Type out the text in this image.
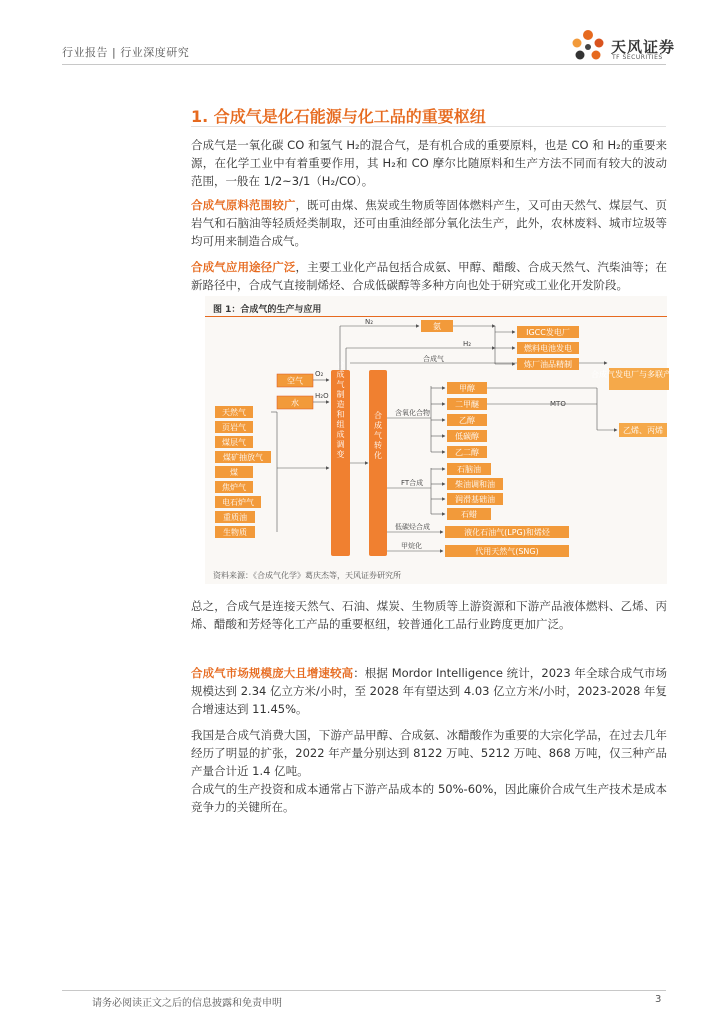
行业报告 | 行业深度研究	天风证券
TF SECURITIES
1. 合成气是化石能源与化工品的重要枢纽
合成气是一氧化碳 CO 和氢气 H₂的混合气，是有机合成的重要原料，也是 CO 和 H₂的重要来源，在化学工业中有着重要作用，其 H₂和 CO 摩尔比随原料和生产方法不同而有较大的波动范围，一般在 1/2~3/1（H₂/CO）。
合成气原料范围较广，既可由煤、焦炭或生物质等固体燃料产生，又可由天然气、煤层气、页岩气和石脑油等轻质烃类制取，还可由重油经部分氧化法生产，此外，农林废料、城市垃圾等均可用来制造合成气。
合成气应用途径广泛，主要工业化产品包括合成氨、甲醇、醋酸、合成天然气、汽柴油等；在新路径中，合成气直接制烯烃、合成低碳醇等多种方向也处于研究或工业化开发阶段。
图 1：合成气的生产与应用
空气
水
天然气
页岩气
煤层气
煤矿抽放气
煤
焦炉气
电石炉气
重质油
生物质
O₂
H₂O 合成气制造和组成调变	合成气转化
N₂
H₂
合成气
氨
IGCC发电厂
燃料电池发电
炼厂油品精制
合成气发电厂与多联产技术
含氧化合物
甲醇
二甲醚
乙醇
低碳醇
乙二醇
MTO
乙烯、丙烯
FT合成
石脑油
柴油调和油
润滑基础油
石蜡
低碳烃合成
液化石油气(LPG)和烯烃
甲烷化
代用天然气(SNG)
资料来源：《合成气化学》葛庆杰等，天风证券研究所
总之，合成气是连接天然气、石油、煤炭、生物质等上游资源和下游产品液体燃料、乙烯、丙烯、醋酸和芳烃等化工产品的重要枢纽，较普通化工品行业跨度更加广泛。
合成气市场规模庞大且增速较高：根据 Mordor Intelligence 统计，2023 年全球合成气市场规模达到 2.34 亿立方米/小时，至 2028 年有望达到 4.03 亿立方米/小时，2023-2028 年复合增速达到 11.45%。
我国是合成气消费大国，下游产品甲醇、合成氨、冰醋酸作为重要的大宗化学品，在过去几年经历了明显的扩张，2022 年产量分别达到 8122 万吨、5212 万吨、868 万吨，仅三种产品产量合计近 1.4 亿吨。
合成气的生产投资和成本通常占下游产品成本的 50%-60%，因此廉价合成气生产技术是成本竞争力的关键所在。
请务必阅读正文之后的信息披露和免责申明	3
